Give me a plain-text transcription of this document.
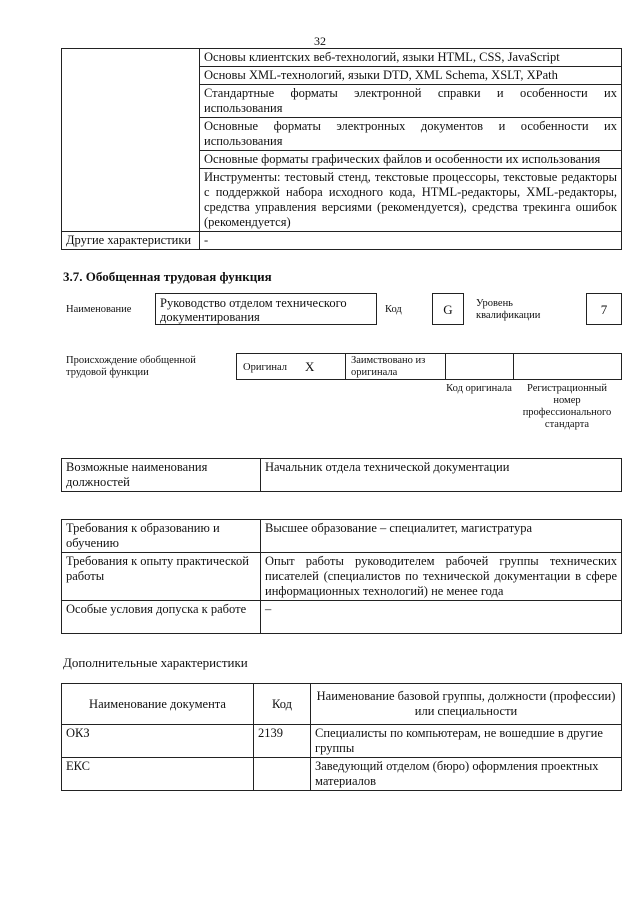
32
	Основы клиентских веб-технологий, языки HTML, CSS, JavaScript
	Основы XML-технологий, языки DTD, XML Schema, XSLT, XPath
	Стандартные форматы электронной справки и особенности их использования
	Основные форматы электронных документов и особенности их использования
	Основные форматы графических файлов и особенности их использования
	Инструменты: тестовый стенд, текстовые процессоры, текстовые редакторы с поддержкой набора исходного кода, HTML-редакторы, XML-редакторы, средства управления версиями (рекомендуется), средства трекинга ошибок (рекомендуется)
Другие характеристики	-
3.7. Обобщенная трудовая функция
Наименование	Руководство отделом технического документирования
Код	G	Уровень квалификации	7
Происхождение обобщенной трудовой функции	Оригинал X	Заимствовано из оригинала
Код оригинала	Регистрационный номер профессионального стандарта
Возможные наименования должностей	Начальник отдела технической документации
Требования к образованию и обучению	Высшее образование – специалитет, магистратура
Требования к опыту практической работы	Опыт работы руководителем рабочей группы технических писателей (специалистов по технической документации в сфере информационных технологий) не менее года
Особые условия допуска к работе	–
Дополнительные характеристики
Наименование документа	Код	Наименование базовой группы, должности (профессии) или специальности
ОКЗ	2139	Специалисты по компьютерам, не вошедшие в другие группы
ЕКС		Заведующий отделом (бюро) оформления проектных материалов
